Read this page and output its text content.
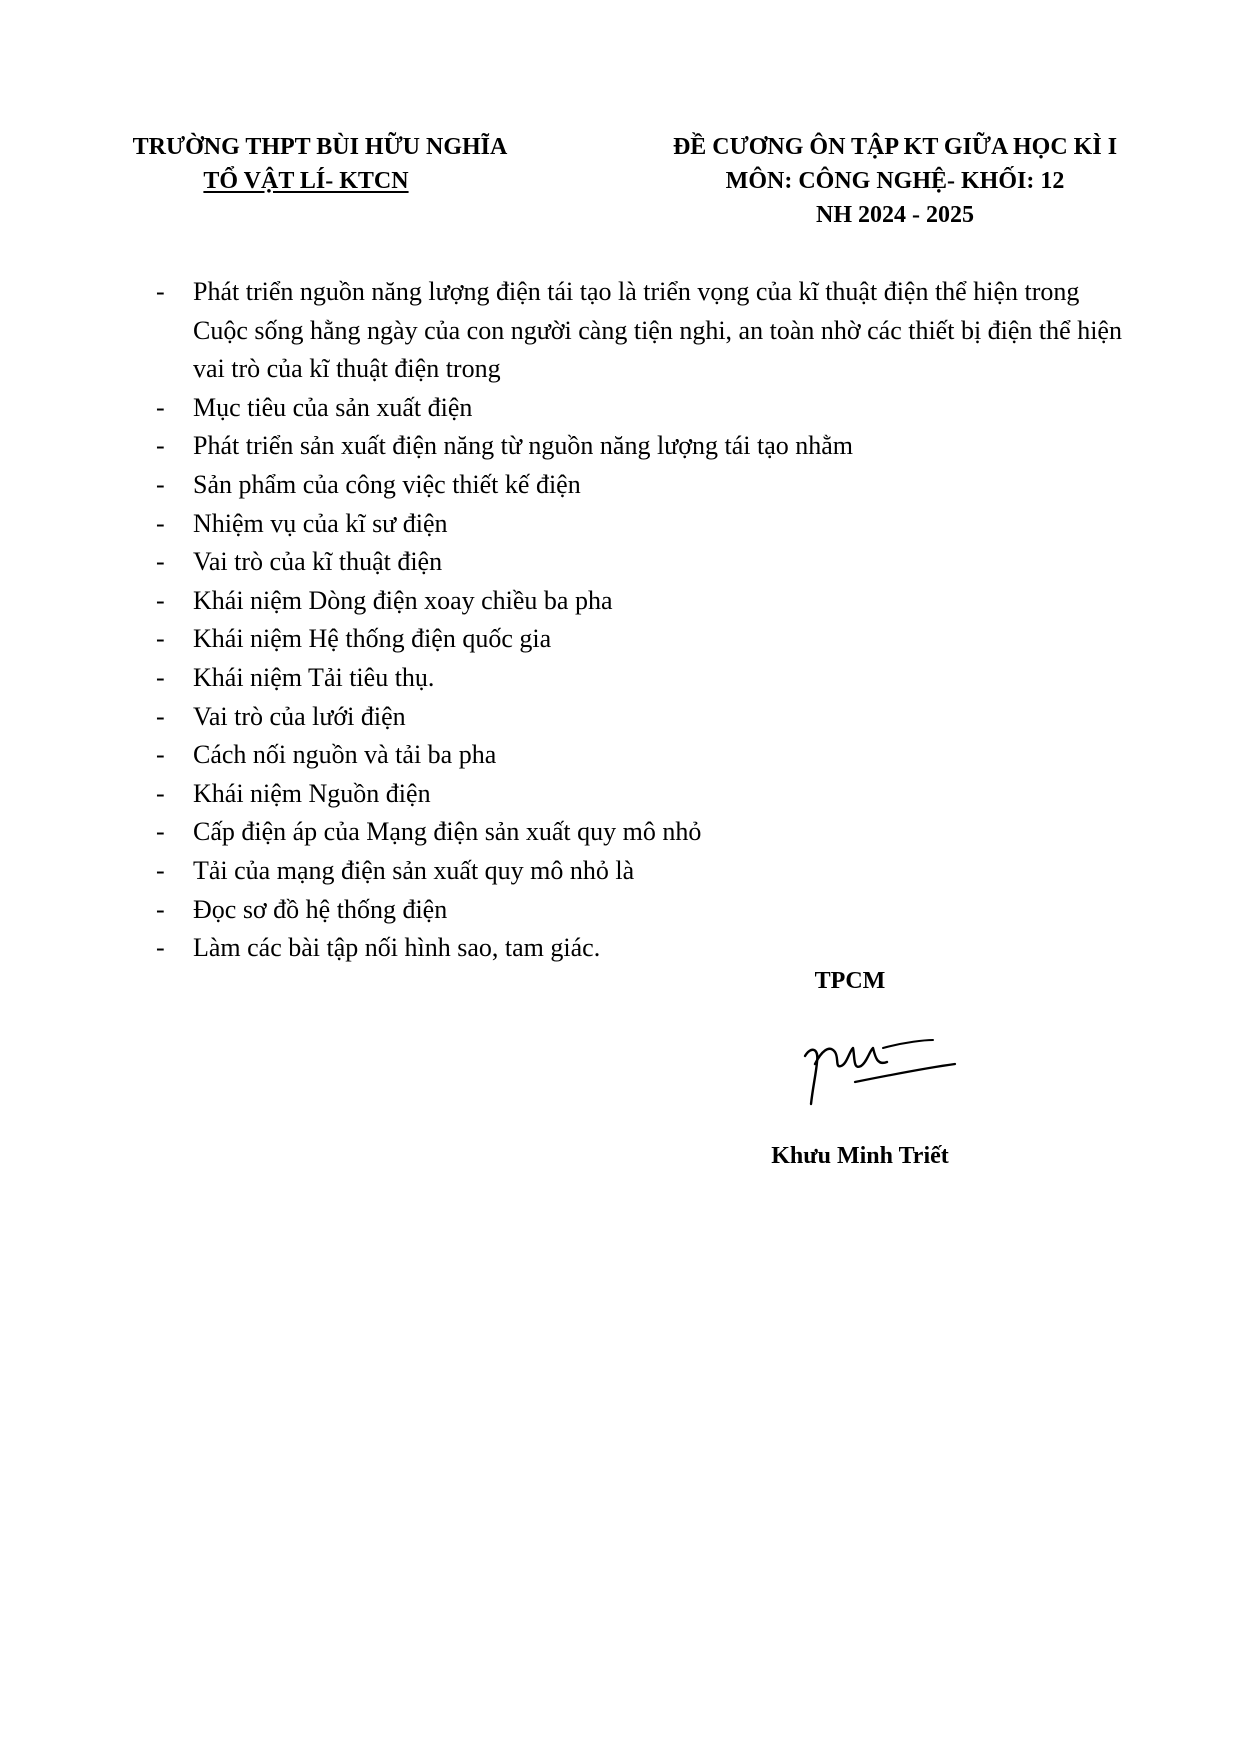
TRƯỜNG THPT BÙI HỮU NGHĨA
TỔ VẬT LÍ- KTCN
ĐỀ CƯƠNG ÔN TẬP KT GIỮA HỌC KÌ I
MÔN: CÔNG NGHỆ- KHỐI: 12
NH 2024 - 2025
- Phát triển nguồn năng lượng điện tái tạo là triển vọng của kĩ thuật điện thể hiện trong Cuộc sống hằng ngày của con người càng tiện nghi, an toàn nhờ các thiết bị điện thể hiện vai trò của kĩ thuật điện trong
- Mục tiêu của sản xuất điện
- Phát triển sản xuất điện năng từ nguồn năng lượng tái tạo nhằm
- Sản phẩm của công việc thiết kế điện
- Nhiệm vụ của kĩ sư điện
- Vai trò của kĩ thuật điện
- Khái niệm Dòng điện xoay chiều ba pha
- Khái niệm Hệ thống điện quốc gia
- Khái niệm Tải tiêu thụ.
- Vai trò của lưới điện
- Cách nối nguồn và tải ba pha
- Khái niệm Nguồn điện
- Cấp điện áp của Mạng điện sản xuất quy mô nhỏ
- Tải của mạng điện sản xuất quy mô nhỏ là
- Đọc sơ đồ hệ thống điện
- Làm các bài tập nối hình sao, tam giác.
TPCM
Khưu Minh Triết
